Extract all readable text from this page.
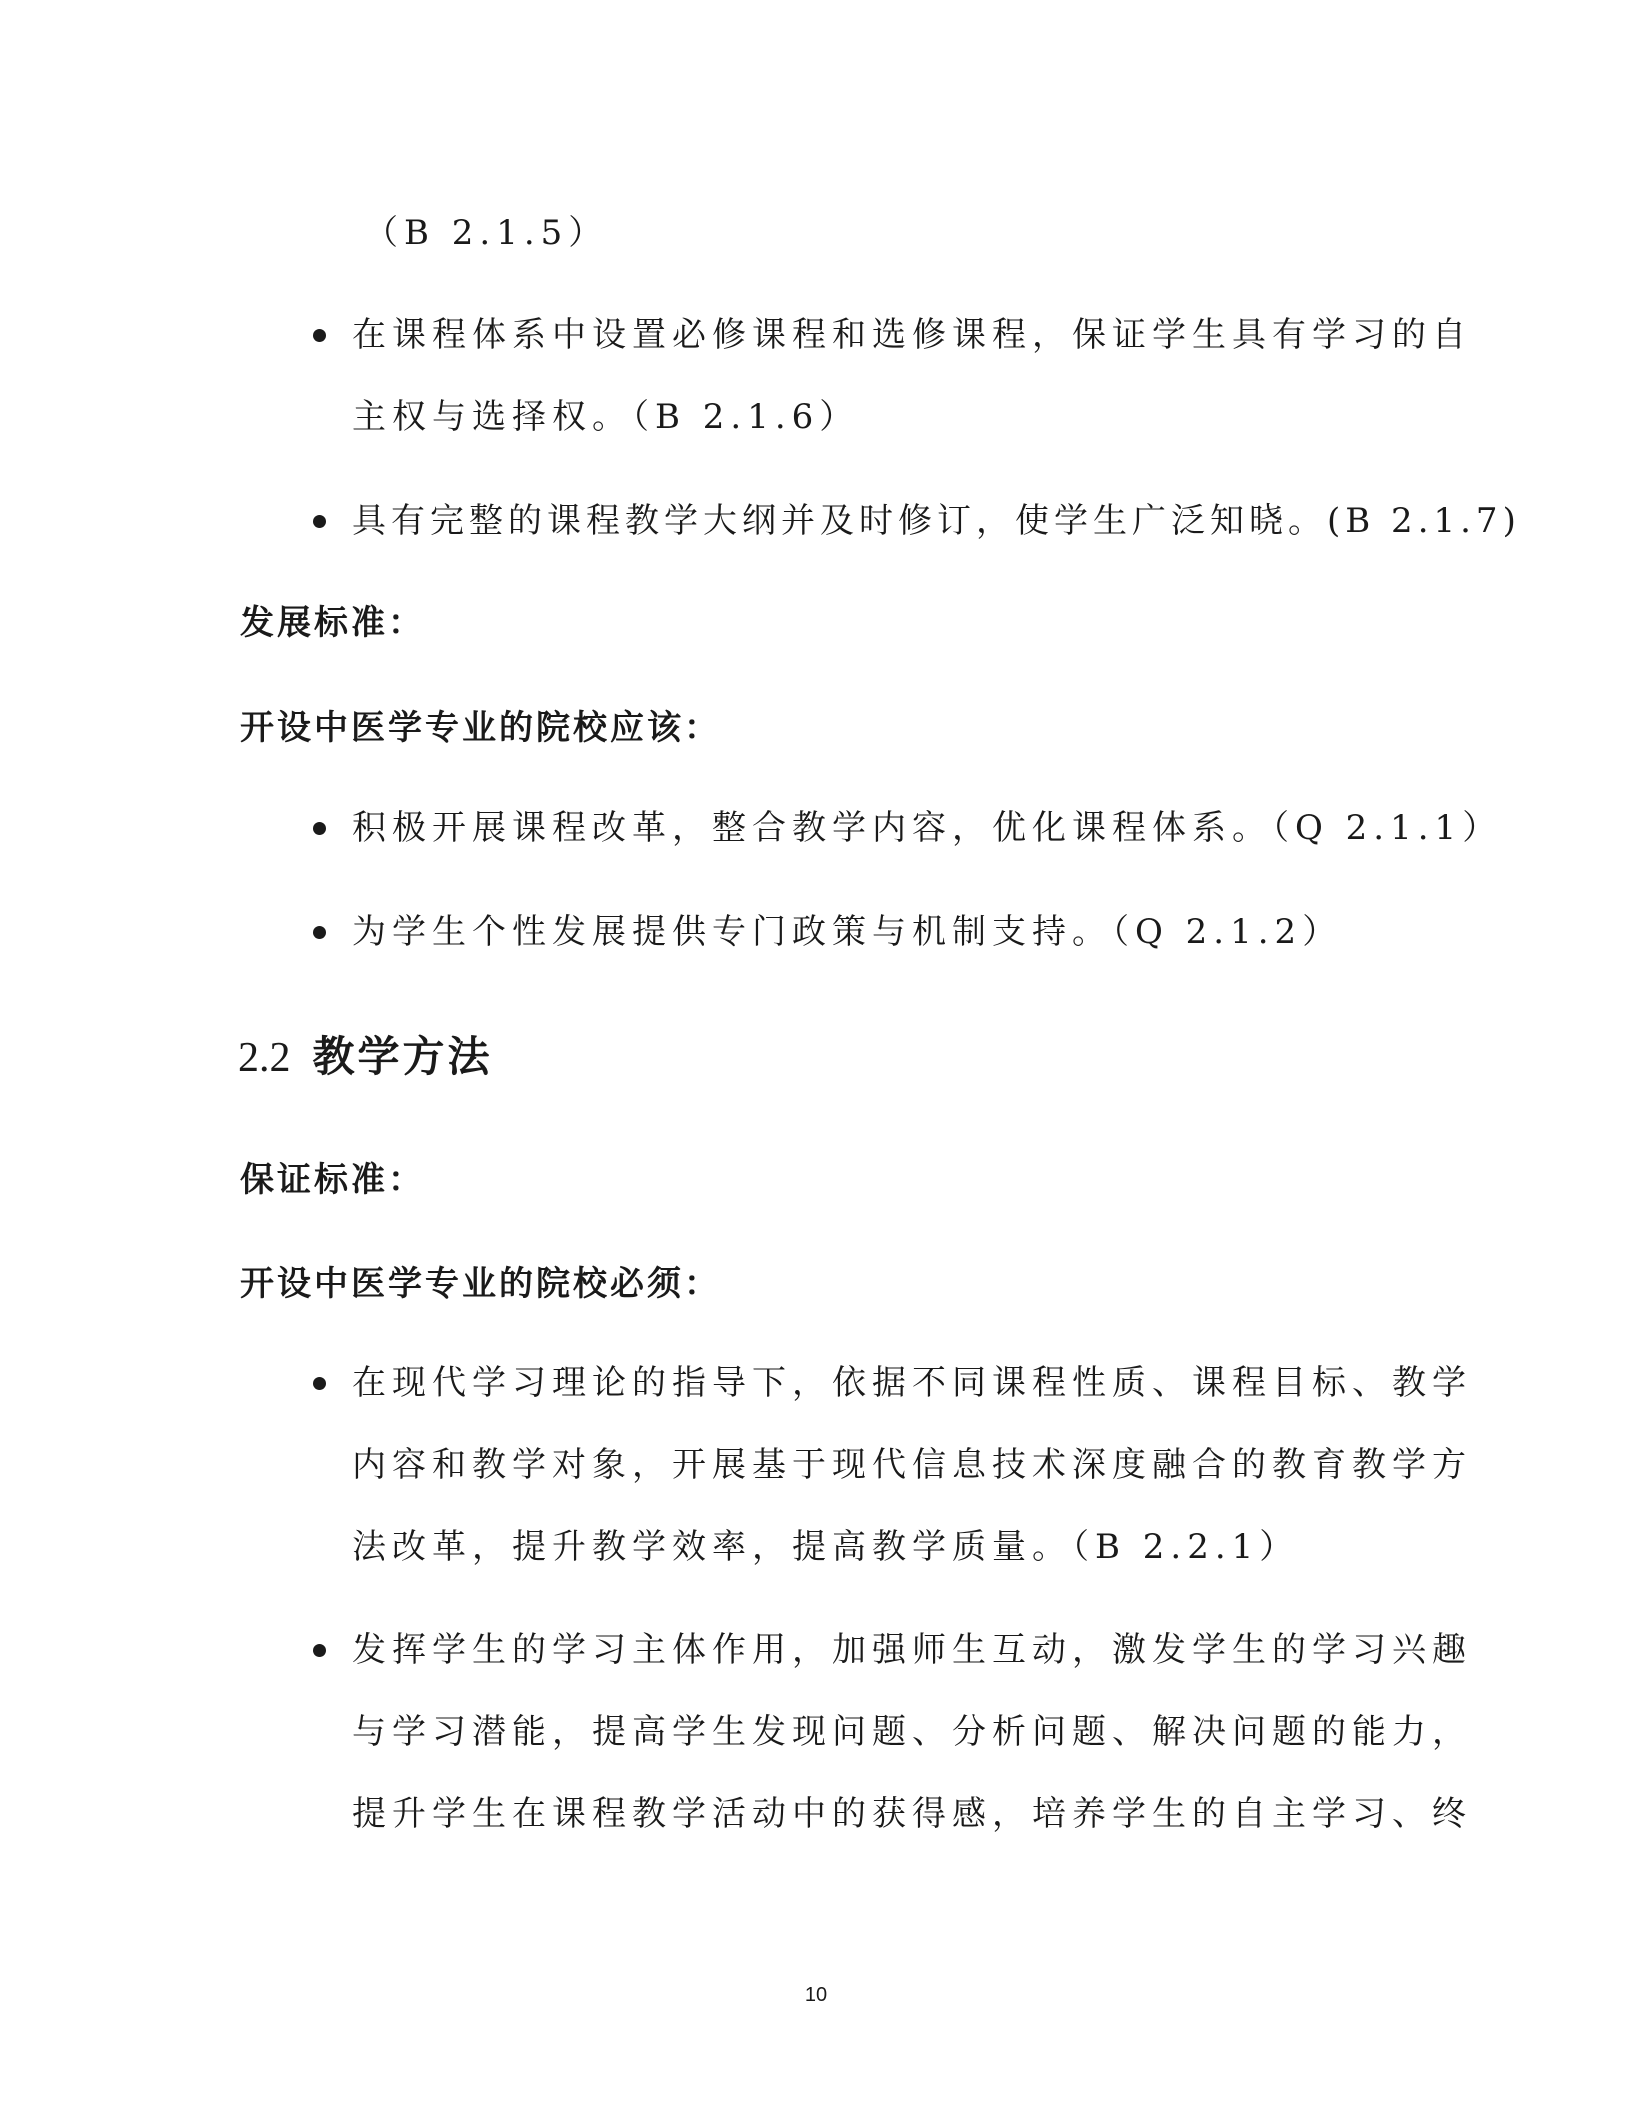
（B 2.1.5）
在课程体系中设置必修课程和选修课程，保证学生具有学习的自
主权与选择权。（B 2.1.6）
具有完整的课程教学大纲并及时修订，使学生广泛知晓。(B 2.1.7)
发展标准：
开设中医学专业的院校应该：
积极开展课程改革，整合教学内容，优化课程体系。（Q 2.1.1）
为学生个性发展提供专门政策与机制支持。（Q 2.1.2）
2.2 教学方法
保证标准：
开设中医学专业的院校必须：
在现代学习理论的指导下，依据不同课程性质、课程目标、教学
内容和教学对象，开展基于现代信息技术深度融合的教育教学方
法改革，提升教学效率，提高教学质量。（B 2.2.1）
发挥学生的学习主体作用，加强师生互动，激发学生的学习兴趣
与学习潜能，提高学生发现问题、分析问题、解决问题的能力，
提升学生在课程教学活动中的获得感，培养学生的自主学习、终
10
